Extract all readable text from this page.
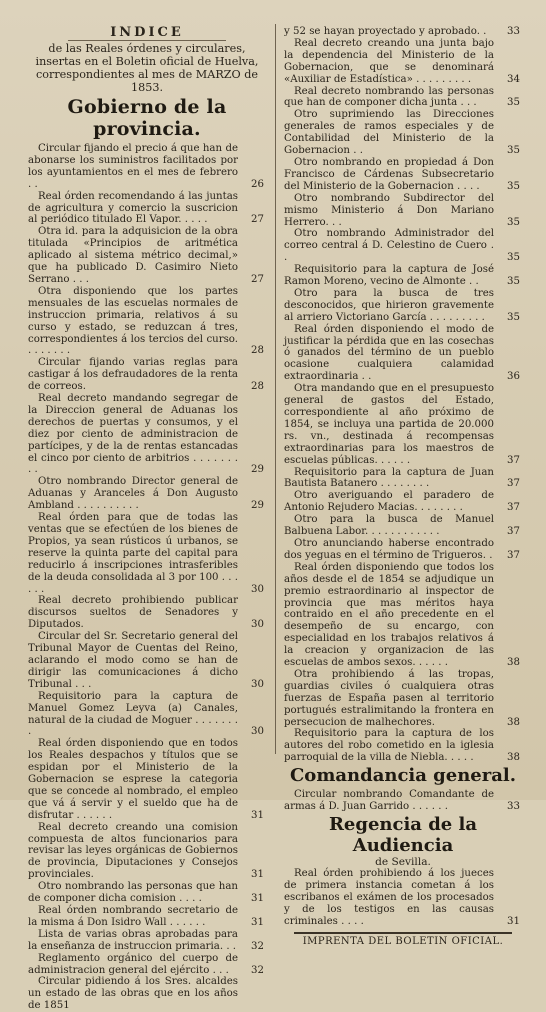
INDICE
de las Reales órdenes y circulares, insertas en el Boletin oficial de Huelva, correspondientes al mes de MARZO de 1853.
Gobierno de la provincia.

Circular fijando el precio á que han de abonarse los suministros facilitados por los ayuntamientos en el mes de febrero . .	26

Real órden recomendando á las juntas de agricultura y comercio la suscricion al periódico titulado El Vapor. . . . .	27

Otra id. para la adquisicion de la obra titulada «Principios de aritmética aplicado al sistema métrico decimal,» que ha publicado D. Casimiro Nieto Serrano . . .	27

Otra disponiendo que los partes mensuales de las escuelas normales de instruccion primaria, relativos á su curso y estado, se reduzcan á tres, correspondientes á los tercios del curso. . . . . . . .	28

Circular fijando varias reglas para castigar á los defraudadores de la renta de correos.	28

Real decreto mandando segregar de la Direccion general de Aduanas los derechos de puertas y consumos, y el diez por ciento de administracion de partícipes, y de la de rentas estancadas el cinco por ciento de arbitrios . . . . . . . . .	29

Otro nombrando Director general de Aduanas y Aranceles á Don Augusto Ambland . . . . . . . . . .	29

Real órden para que de todas las ventas que se efectúen de los bienes de Propios, ya sean rústicos ú urbanos, se reserve la quinta parte del capital para reducirlo á inscripciones intrasferibles de la deuda consolidada al 3 por 100 . . . . . .	30

Real decreto prohibiendo publicar discursos sueltos de Senadores y Diputados.	30

Circular del Sr. Secretario general del Tribunal Mayor de Cuentas del Reino, aclarando el modo como se han de dirigir las comunicaciones á dicho Tribunal . . .	30

Requisitorio para la captura de Manuel Gomez Leyva (a) Canales, natural de la ciudad de Moguer . . . . . . . .	30

Real órden disponiendo que en todos los Reales despachos y títulos que se espidan por el Ministerio de la Gobernacion se esprese la categoria que se concede al nombrado, el empleo que vá á servir y el sueldo que ha de disfrutar . . . . . .	31

Real decreto creando una comision compuesta de altos funcionarios para revisar las leyes orgánicas de Gobiernos de provincia, Diputaciones y Consejos provinciales.	31

Otro nombrando las personas que han de componer dicha comision . . . .	31

Real órden nombrando secretario de la misma á Don Isidro Wall . . . . . .	31

Lista de varias obras aprobadas para la enseñanza de instruccion primaria. . . 32

Reglamento orgánico del cuerpo de administracion general del ejército . . . 32

Circular pidiendo á los Sres. alcaldes un estado de las obras que en los años de 1851

y 52 se hayan proyectado y aprobado. . 33

Real decreto creando una junta bajo la dependencia del Ministerio de la Gobernacion, que se denominará «Auxiliar de Estadística» . . . . . . . . .	34

Real decreto nombrando las personas que han de componer dicha junta . . .	35

Otro suprimiendo las Direcciones generales de ramos especiales y de Contabilidad del Ministerio de la Gobernacion . .	35

Otro nombrando en propiedad á Don Francisco de Cárdenas Subsecretario del Ministerio de la Gobernacion . . . .	35

Otro nombrando Subdirector del mismo Ministerio á Don Mariano Herrero. . .	35

Otro nombrando Administrador del correo central á D. Celestino de Cuero . .	35

Requisitorio para la captura de José Ramon Moreno, vecino de Almonte . .	35

Otro para la busca de tres desconocidos, que hirieron gravemente al arriero Victoriano García . . . . . . . . . 35

Real órden disponiendo el modo de justificar la pérdida que en las cosechas ó ganados del término de un pueblo ocasione cualquiera calamidad extraordinaria . .	36

Otra mandando que en el presupuesto general de gastos del Estado, correspondiente al año próximo de 1854, se incluya una partida de 20.000 rs. vn., destinada á recompensas extraordinarias para los maestros de escuelas públicas. . . . . .	37

Requisitorio para la captura de Juan Bautista Batanero . . . . . . . .	37

Otro averiguando el paradero de Antonio Rejudero Macias. . . . . . . .	37

Otro para la busca de Manuel Balbuena Labor. . . . . . . . . . . .	37

Otro anunciando haberse encontrado dos yeguas en el término de Trigueros. . 37

Real órden disponiendo que todos los años desde el de 1854 se adjudique un premio estraordinario al inspector de provincia que mas méritos haya contraido en el año precedente en el desempeño de su encargo, con especialidad en los trabajos relativos á la creacion y organizacion de las escuelas de ambos sexos. . . . . .	38

Otra prohibiendo á las tropas, guardias civiles ó cualquiera otras fuerzas de España pasen al territorio portugués estralimitando la frontera en persecucion de malhechores.	38

Requisitorio para la captura de los autores del robo cometido en la iglesia parroquial de la villa de Niebla. . . . .	38

Comandancia general.

Circular nombrando Comandante de armas á D. Juan Garrido . . . . . .	33

Regencia de la Audiencia
de Sevilla.

Real órden prohibiendo á los jueces de primera instancia cometan á los escribanos el exámen de los procesados y de los testigos en las causas criminales . . . .	31

IMPRENTA DEL BOLETIN OFICIAL.
